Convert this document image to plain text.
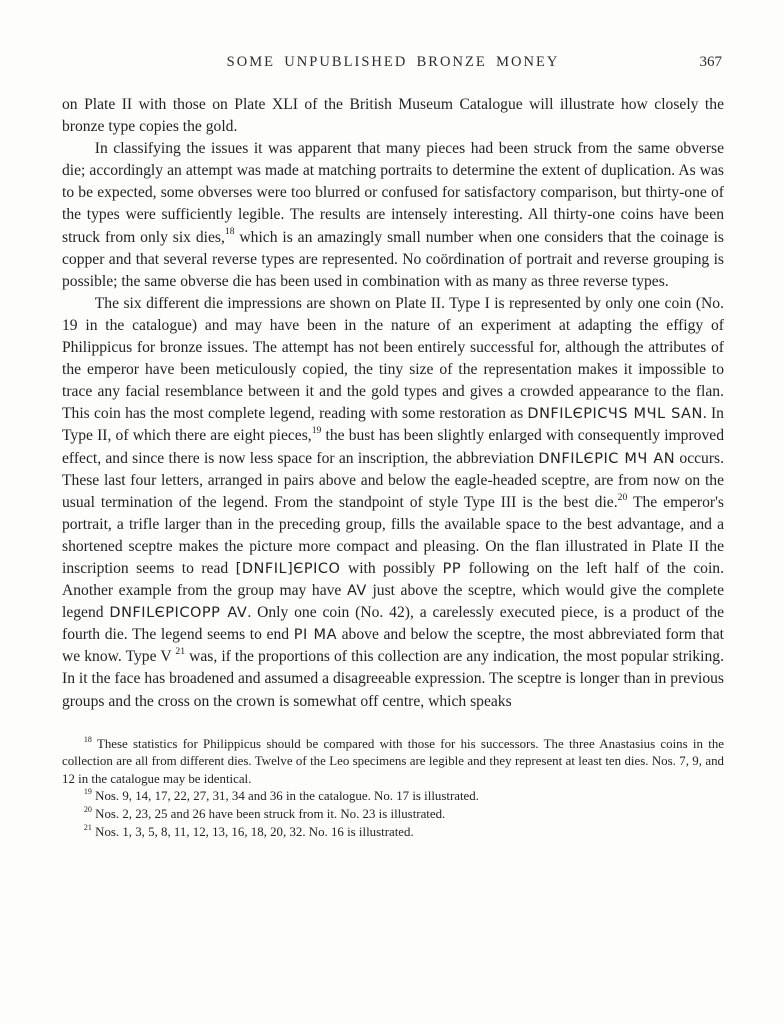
SOME UNPUBLISHED BRONZE MONEY	367

on Plate II with those on Plate XLI of the British Museum Catalogue will illustrate how closely the bronze type copies the gold.

In classifying the issues it was apparent that many pieces had been struck from the same obverse die; accordingly an attempt was made at matching portraits to determine the extent of duplication. As was to be expected, some obverses were too blurred or confused for satisfactory comparison, but thirty-one of the types were sufficiently legible. The results are intensely interesting. All thirty-one coins have been struck from only six dies,$^{18}$ which is an amazingly small number when one considers that the coinage is copper and that several reverse types are represented. No coördination of portrait and reverse grouping is possible; the same obverse die has been used in combination with as many as three reverse types.

The six different die impressions are shown on Plate II. Type I is represented by only one coin (No. 19 in the catalogue) and may have been in the nature of an experiment at adapting the effigy of Philippicus for bronze issues. The attempt has not been entirely successful for, although the attributes of the emperor have been meticulously copied, the tiny size of the representation makes it impossible to trace any facial resemblance between it and the gold types and gives a crowded appearance to the flan. This coin has the most complete legend, reading with some restoration as DNFILЄPICЧS MЧL SAN. In Type II, of which there are eight pieces,$^{19}$ the bust has been slightly enlarged with consequently improved effect, and since there is now less space for an inscription, the abbreviation DNFILЄPIC MЧ AN occurs. These last four letters, arranged in pairs above and below the eagle-headed sceptre, are from now on the usual termination of the legend. From the standpoint of style Type III is the best die.$^{20}$ The emperor's portrait, a trifle larger than in the preceding group, fills the available space to the best advantage, and a shortened sceptre makes the picture more compact and pleasing. On the flan illustrated in Plate II the inscription seems to read [DNFIL]ЄPICO with possibly PP following on the left half of the coin. Another example from the group may have AV just above the sceptre, which would give the complete legend DNFILЄPICOPP AV. Only one coin (No. 42), a carelessly executed piece, is a product of the fourth die. The legend seems to end PI MA above and below the sceptre, the most abbreviated form that we know. Type V $^{21}$ was, if the proportions of this collection are any indication, the most popular striking. In it the face has broadened and assumed a disagreeable expression. The sceptre is longer than in previous groups and the cross on the crown is somewhat off centre, which speaks

$^{18}$ These statistics for Philippicus should be compared with those for his successors. The three Anastasius coins in the collection are all from different dies. Twelve of the Leo specimens are legible and they represent at least ten dies. Nos. 7, 9, and 12 in the catalogue may be identical.

$^{19}$ Nos. 9, 14, 17, 22, 27, 31, 34 and 36 in the catalogue. No. 17 is illustrated.

$^{20}$ Nos. 2, 23, 25 and 26 have been struck from it. No. 23 is illustrated.

$^{21}$ Nos. 1, 3, 5, 8, 11, 12, 13, 16, 18, 20, 32. No. 16 is illustrated.
